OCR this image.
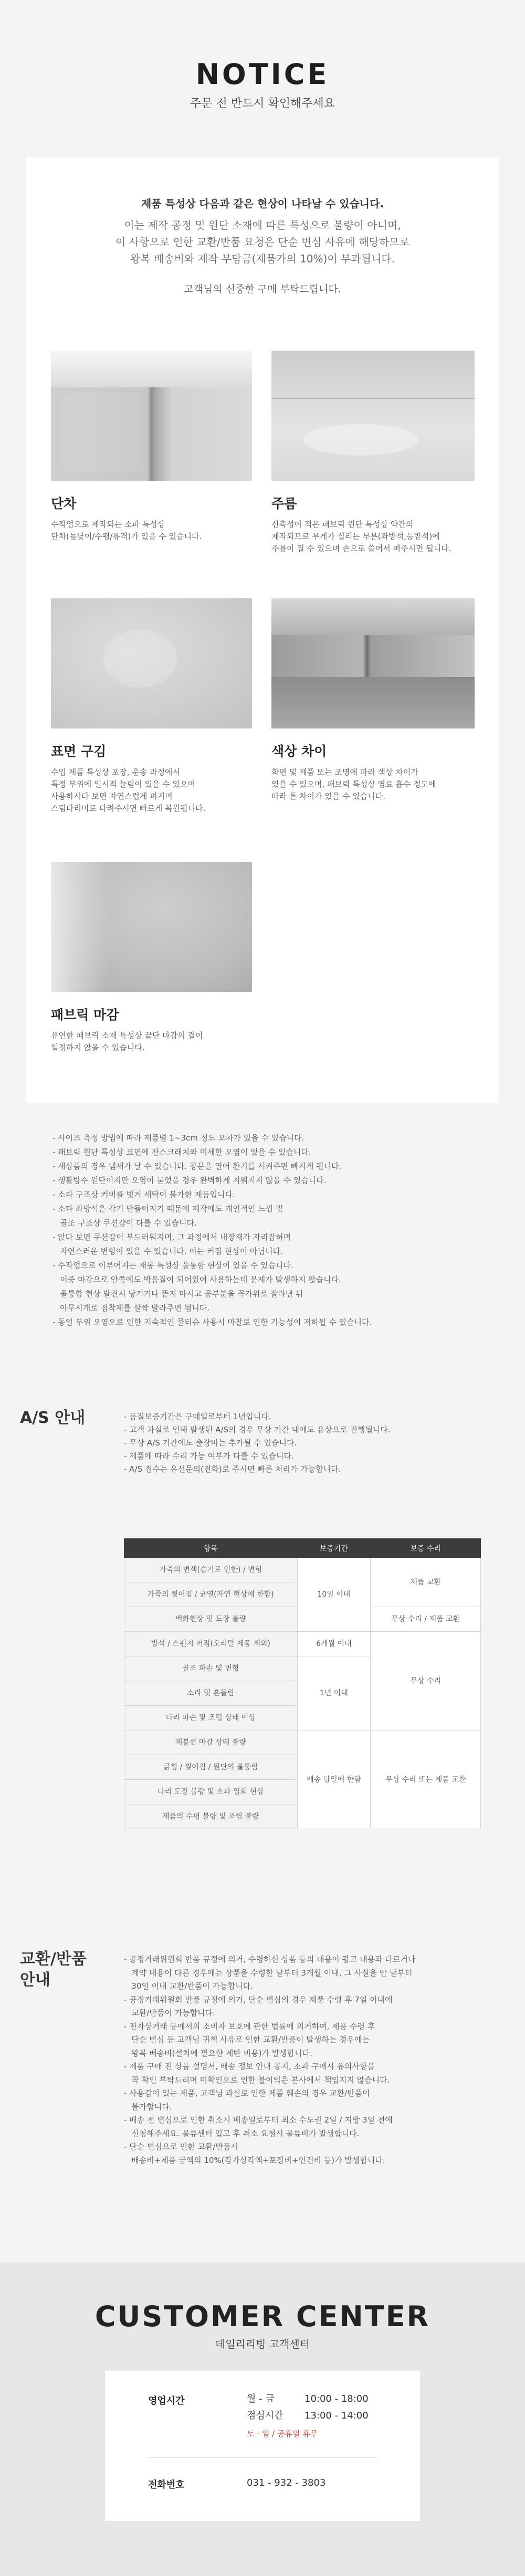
NOTICE

주문 전 반드시 확인해주세요

제품 특성상 다음과 같은 현상이 나타날 수 있습니다.

이는 제작 공정 및 원단 소재에 따른 특성으로 불량이 아니며,

이 사항으로 인한 교환/반품 요청은 단순 변심 사유에 해당하므로

왕복 배송비와 제작 부담금(제품가의 10%)이 부과됩니다.

고객님의 신중한 구매 부탁드립니다.

단차

수작업으로 제작되는 소파 특성상

단차(높낮이/수평/유격)가 있을 수 있습니다.

주름

신축성이 적은 패브릭 원단 특성상 약간의

제작되므로 무게가 실리는 부분(좌방석,등받석)에

주름이 질 수 있으며 손으로 쓸어서 펴주시면 됩니다.

표면 구김

수입 제품 특성상 포장, 운송 과정에서

특정 부위에 일시적 눌림이 있을 수 있으며

사용하시다 보면 자연스럽게 펴지며

스팀다리미로 다려주시면 빠르게 복원됩니다.

색상 차이

화면 및 제품 또는 조명에 따라 색상 차이가

있을 수 있으며, 패브릭 특성상 염료 흡수 정도에

따라 톤 차이가 있을 수 있습니다.

패브릭 마감

유연한 패브릭 소재 특성상 끝단 마감의 결이

일정하지 않을 수 있습니다.

- 사이즈 측정 방법에 따라 제품별 1~3cm 정도 오차가 있을 수 있습니다.

- 패브릭 원단 특성상 표면에 잔스크래치와 미세한 오염이 있을 수 있습니다.

- 새상품의 경우 냄새가 날 수 있습니다. 창문을 열어 환기를 시켜주면 빠지게 됩니다.

- 생활방수 원단이지만 오염이 묻었을 경우 완벽하게 지워지지 않을 수 있습니다.

- 소파 구조상 커버를 벗겨 세탁이 불가한 제품입니다.

- 소파 좌방석은 각기 만들어지기 때문에 제작에도 개인적인 느낌 및

골조 구조상 쿠션감이 다를 수 있습니다.

- 앉다 보면 쿠션감이 부드러워지며, 그 과정에서 내장재가 자리잡혀며

자연스러운 변형이 있을 수 있습니다. 이는 커짐 현상이 아닙니다.

- 수작업으로 이루어지는 재봉 특성상 울퉁함 현상이 있을 수 있습니다.

이중 마감으로 안쪽에도 박음질이 되어있어 사용하는데 문제가 발생하지 않습니다.

울퉁함 현상 발견시 당기거나 뜯지 마시고 공부분을 꼭가위로 잘라낸 뒤

아무시개로 접착제를 살짝 발라주면 됩니다.

- 동일 부위 오염으로 인한 지속적인 물티슈 사용시 마찰로 인한 기능성이 저하될 수 있습니다.

A/S 안내	- 품질보증기간은 구매일로부터 1년입니다.

- 고객 과실로 인해 발생된 A/S의 경우 무상 기간 내에도 유상으로 진행됩니다.

- 무상 A/S 기간에도 출장비는 추가될 수 있습니다.

- 제품에 따라 수리 가능 여부가 다를 수 있습니다.

- A/S 접수는 유선문의(전화)로 주시면 빠른 처리가 가능합니다.

항목	보증기간	보증 수리
가죽의 변색(습기로 인한) / 변형	10일 이내	제품 교환
가죽의 찢어짐 / 균열(자연 현상에 한함)		
백화현상 및 도장 불량		무상 수리 / 제품 교환
방석 / 스펀지 꺼짐(오리털 제품 제외)	6개월 이내	무상 수리
골조 파손 및 변형	1년 이내	
소리 및 흔들림		
다리 파손 및 조립 상태 이상		
재봉선 마감 상태 불량	배송 당일에 한함	무상 수리 또는 제품 교환
긁힘 / 찢어짐 / 원단의 울퉁림		
다리 도장 불량 및 소파 일회 현상		
제품의 수평 불량 및 조립 불량		
교환/반품
안내

- 공정거래위원회 반품 규정에 의거, 수령하신 상품 등의 내용이 광고 내용과 다르거나

계약 내용이 다른 경우에는 상품을 수령한 날부터 3개월 이내, 그 사실을 안 날부터

30일 이내 교환/반품이 가능합니다.

- 공정거래위원회 반품 규정에 의거, 단순 변심의 경우 제품 수령 후 7일 이내에

교환/반품이 가능합니다.

- 전자상거래 등에서의 소비자 보호에 관한 법률에 의거하여, 제품 수령 후

단순 변심 등 고객님 귀책 사유로 인한 교환/반품이 발생하는 경우에는

왕복 배송비(설치에 필요한 제반 비용)가 발생합니다.

- 제품 구매 전 상품 설명서, 배송 정보 안내 공지, 소파 구매시 유의사항을

꼭 확인 부탁드리며 미확인으로 인한 불이익은 본사에서 책임지지 않습니다.

- 사용감이 있는 제품, 고객님 과실로 인한 제품 훼손의 경우 교환/반품이

불가합니다.

- 배송 전 변심으로 인한 취소시 배송일로부터 최소 수도권 2일 / 지방 3일 전에

신청해주세요. 물류센터 입고 후 취소 요청시 물류비가 발생합니다.

- 단순 변심으로 인한 교환/반품시

배송비+제품 금액의 10%(감가상각액+포장비+인건비 등)가 발생합니다.

CUSTOMER CENTER

데일리리빙 고객센터

영업시간	월 - 금	10:00 - 18:00
점심시간 13:00 - 14:00
토 · 일 / 공휴일 휴무
전화번호	031 - 932 - 3803
